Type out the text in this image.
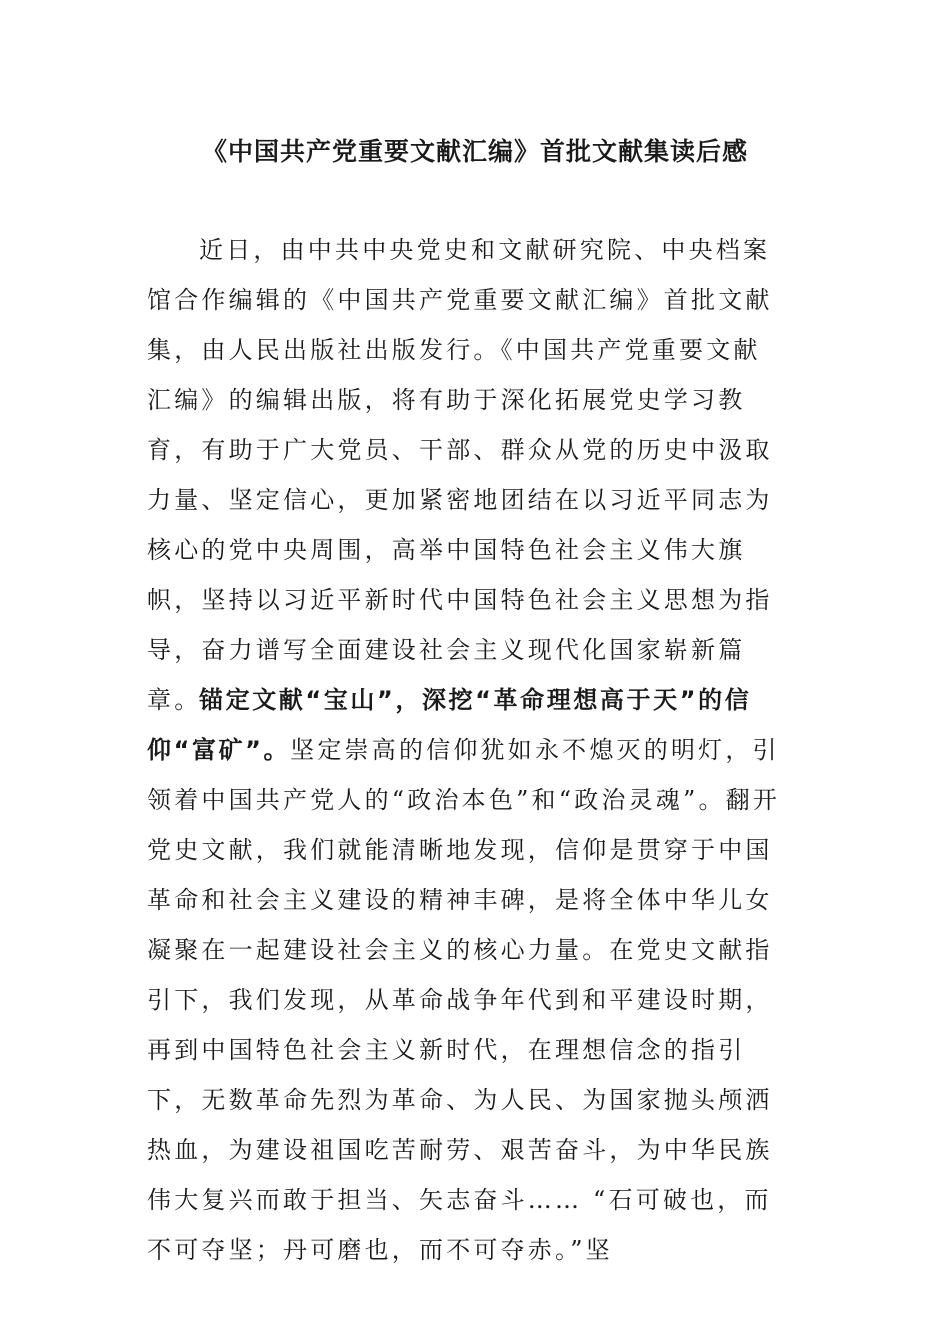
《中国共产党重要文献汇编》首批文献集读后感

近日，由中共中央党史和文献研究院、中央档案馆合作编辑的《中国共产党重要文献汇编》首批文献集，由人民出版社出版发行。《中国共产党重要文献汇编》的编辑出版，将有助于深化拓展党史学习教育，有助于广大党员、干部、群众从党的历史中汲取力量、坚定信心，更加紧密地团结在以习近平同志为核心的党中央周围，高举中国特色社会主义伟大旗帜，坚持以习近平新时代中国特色社会主义思想为指导，奋力谱写全面建设社会主义现代化国家崭新篇章。

锚定文献“宝山”，深挖“革命理想高于天”的信仰“富矿”。坚定崇高的信仰犹如永不熄灭的明灯，引领着中国共产党人的“政治本色”和“政治灵魂”。翻开党史文献，我们就能清晰地发现，信仰是贯穿于中国革命和社会主义建设的精神丰碑，是将全体中华儿女凝聚在一起建设社会主义的核心力量。在党史文献指引下，我们发现，从革命战争年代到和平建设时期，再到中国特色社会主义新时代，在理想信念的指引下，无数革命先烈为革命、为人民、为国家抛头颅洒热血，为建设祖国吃苦耐劳、艰苦奋斗，为中华民族伟大复兴而敢于担当、矢志奋斗…… “石可破也，而不可夺坚；丹可磨也，而不可夺赤。”坚
